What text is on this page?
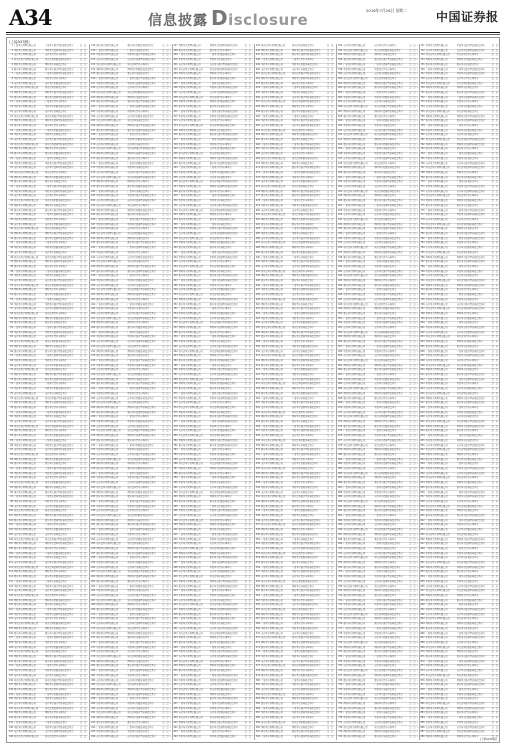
A34	信息披露 Disclosure
2016年7月26日 星期二 中国证券报
(上接A33版)
(下转A35版)
1 广发基金管理有限公司	广发基金混合型证券投资基金	是 是
2 华夏基金管理有限公司	华夏基金债券型证券投资基金	是 是
3 南方基金管理有限公司	南方基金货币市场基金	是 是
4 易方达基金管理有限公司	易方达基指数证券投资基金	是 是
5 博时基金管理有限公司	博时基金证券投资基金	是 是
6 嘉实基金管理有限公司	嘉实基金混合型证券投资基金	是 是
7 广发基金管理有限公司	广发基金债券型证券投资基金	是 是
8 华夏基金管理有限公司	华夏基金货币市场基金	是 是
9 南方基金管理有限公司	南方基金指数证券投资基金	是 是
10 易方达基金管理有限公司	易方达基证券投资基金	是 是
11 博时基金管理有限公司	博时基金混合型证券投资基金	是 是
12 嘉实基金管理有限公司	嘉实基金债券型证券投资基金	是 是
13 广发基金管理有限公司	广发基金货币市场基金	是 是
14 华夏基金管理有限公司	华夏基金指数证券投资基金	是 是
15 南方基金管理有限公司	南方基金证券投资基金	是 是
16 易方达基金管理有限公司	易方达基混合型证券投资基金	是 是
17 博时基金管理有限公司	博时基金债券型证券投资基金	是 是
18 嘉实基金管理有限公司	嘉实基金货币市场基金	是 是
19 广发基金管理有限公司	广发基金指数证券投资基金	是 是
20 华夏基金管理有限公司	华夏基金证券投资基金	是 是
21 南方基金管理有限公司	南方基金混合型证券投资基金	是 是
22 易方达基金管理有限公司	易方达基债券型证券投资基金	是 是
23 博时基金管理有限公司	博时基金货币市场基金	是 是
24 嘉实基金管理有限公司	嘉实基金指数证券投资基金	是 是
25 广发基金管理有限公司	广发基金证券投资基金	是 是
26 华夏基金管理有限公司	华夏基金混合型证券投资基金	是 是
27 南方基金管理有限公司	南方基金债券型证券投资基金	是 是
28 易方达基金管理有限公司	易方达基货币市场基金	是 是
29 博时基金管理有限公司	博时基金指数证券投资基金	是 是
30 嘉实基金管理有限公司	嘉实基金证券投资基金	是 是
31 广发基金管理有限公司	广发基金混合型证券投资基金	是 是
32 华夏基金管理有限公司	华夏基金债券型证券投资基金	是 是
33 南方基金管理有限公司	南方基金货币市场基金	是 是
34 易方达基金管理有限公司	易方达基指数证券投资基金	是 是
35 博时基金管理有限公司	博时基金证券投资基金	是 是
36 嘉实基金管理有限公司	嘉实基金混合型证券投资基金	是 是
37 广发基金管理有限公司	广发基金债券型证券投资基金	是 是
38 华夏基金管理有限公司	华夏基金货币市场基金	是 是
39 南方基金管理有限公司	南方基金指数证券投资基金	是 是
40 易方达基金管理有限公司	易方达基证券投资基金	是 是
41 博时基金管理有限公司	博时基金混合型证券投资基金	是 是
42 嘉实基金管理有限公司	嘉实基金债券型证券投资基金	是 是
43 广发基金管理有限公司	广发基金货币市场基金	是 是
44 华夏基金管理有限公司	华夏基金指数证券投资基金	是 是
45 南方基金管理有限公司	南方基金证券投资基金	是 是
46 易方达基金管理有限公司	易方达基混合型证券投资基金	是 是
47 博时基金管理有限公司	博时基金债券型证券投资基金	是 是
48 嘉实基金管理有限公司	嘉实基金货币市场基金	是 是
49 广发基金管理有限公司	广发基金指数证券投资基金	是 是
50 华夏基金管理有限公司	华夏基金证券投资基金	是 是
51 南方基金管理有限公司	南方基金混合型证券投资基金	是 是
52 易方达基金管理有限公司	易方达基债券型证券投资基金	是 是
53 博时基金管理有限公司	博时基金货币市场基金	是 是
54 嘉实基金管理有限公司	嘉实基金指数证券投资基金	是 是
55 广发基金管理有限公司	广发基金证券投资基金	是 是
56 华夏基金管理有限公司	华夏基金混合型证券投资基金	是 是
57 南方基金管理有限公司	南方基金债券型证券投资基金	是 是
58 易方达基金管理有限公司	易方达基货币市场基金	是 是
59 博时基金管理有限公司	博时基金指数证券投资基金	是 是
60 嘉实基金管理有限公司	嘉实基金证券投资基金	是 是
61 广发基金管理有限公司	广发基金混合型证券投资基金	是 是
62 华夏基金管理有限公司	华夏基金债券型证券投资基金	是 是
63 南方基金管理有限公司	南方基金货币市场基金	是 是
64 易方达基金管理有限公司	易方达基指数证券投资基金	是 是
65 博时基金管理有限公司	博时基金证券投资基金	是 是
66 嘉实基金管理有限公司	嘉实基金混合型证券投资基金	是 是
67 广发基金管理有限公司	广发基金债券型证券投资基金	是 是
68 华夏基金管理有限公司	华夏基金货币市场基金	是 是
69 南方基金管理有限公司	南方基金指数证券投资基金	是 是
70 易方达基金管理有限公司	易方达基证券投资基金	是 是
71 博时基金管理有限公司	博时基金混合型证券投资基金	是 是
72 嘉实基金管理有限公司	嘉实基金债券型证券投资基金	是 是
73 广发基金管理有限公司	广发基金货币市场基金	是 是
74 华夏基金管理有限公司	华夏基金指数证券投资基金	是 是
75 南方基金管理有限公司	南方基金证券投资基金	是 是
76 易方达基金管理有限公司	易方达基混合型证券投资基金	是 是
77 博时基金管理有限公司	博时基金债券型证券投资基金	是 是
78 嘉实基金管理有限公司	嘉实基金货币市场基金	是 是
79 广发基金管理有限公司	广发基金指数证券投资基金	是 是
80 华夏基金管理有限公司	华夏基金证券投资基金	是 是
81 南方基金管理有限公司	南方基金混合型证券投资基金	是 是
82 易方达基金管理有限公司	易方达基债券型证券投资基金	是 是
83 博时基金管理有限公司	博时基金货币市场基金	是 是
84 嘉实基金管理有限公司	嘉实基金指数证券投资基金	是 是
85 广发基金管理有限公司	广发基金证券投资基金	是 是
86 华夏基金管理有限公司	华夏基金混合型证券投资基金	是 是
87 南方基金管理有限公司	南方基金债券型证券投资基金	是 是
88 易方达基金管理有限公司	易方达基货币市场基金	是 是
89 博时基金管理有限公司	博时基金指数证券投资基金	是 是
90 嘉实基金管理有限公司	嘉实基金证券投资基金	是 是
91 广发基金管理有限公司	广发基金混合型证券投资基金	是 是
92 华夏基金管理有限公司	华夏基金债券型证券投资基金	是 是
93 南方基金管理有限公司	南方基金货币市场基金	是 是
94 易方达基金管理有限公司	易方达基指数证券投资基金	是 是
95 博时基金管理有限公司	博时基金证券投资基金	是 是
96 嘉实基金管理有限公司	嘉实基金混合型证券投资基金	是 是
97 广发基金管理有限公司	广发基金债券型证券投资基金	是 是
98 华夏基金管理有限公司	华夏基金货币市场基金	是 是
99 南方基金管理有限公司	南方基金指数证券投资基金	是 是
100 易方达基金管理有限公司	易方达基证券投资基金	是 是
101 博时基金管理有限公司	博时基金混合型证券投资基金	是 是
102 嘉实基金管理有限公司	嘉实基金债券型证券投资基金	是 是
103 广发基金管理有限公司	广发基金货币市场基金	是 是
104 华夏基金管理有限公司	华夏基金指数证券投资基金	是 是
105 南方基金管理有限公司	南方基金证券投资基金	是 是
106 易方达基金管理有限公司	易方达基混合型证券投资基金	是 是
107 博时基金管理有限公司	博时基金债券型证券投资基金	是 是
108 嘉实基金管理有限公司	嘉实基金货币市场基金	是 是
109 广发基金管理有限公司	广发基金指数证券投资基金	是 是
110 华夏基金管理有限公司	华夏基金证券投资基金	是 是
111 南方基金管理有限公司	南方基金混合型证券投资基金	是 是
112 易方达基金管理有限公司	易方达基债券型证券投资基金	是 是
113 博时基金管理有限公司	博时基金货币市场基金	是 是
114 嘉实基金管理有限公司	嘉实基金指数证券投资基金	是 是
115 广发基金管理有限公司	广发基金证券投资基金	是 是
116 华夏基金管理有限公司	华夏基金混合型证券投资基金	是 是
117 南方基金管理有限公司	南方基金债券型证券投资基金	是 是
118 易方达基金管理有限公司	易方达基货币市场基金	是 是
119 博时基金管理有限公司	博时基金指数证券投资基金	是 是
120 嘉实基金管理有限公司	嘉实基金证券投资基金	是 是
121 广发基金管理有限公司	广发基金混合型证券投资基金	是 是
122 华夏基金管理有限公司	华夏基金债券型证券投资基金	是 是
123 南方基金管理有限公司	南方基金货币市场基金	是 是
124 易方达基金管理有限公司	易方达基指数证券投资基金	是 是
125 博时基金管理有限公司	博时基金证券投资基金	是 是
126 嘉实基金管理有限公司	嘉实基金混合型证券投资基金	是 是
127 广发基金管理有限公司	广发基金债券型证券投资基金	是 是
128 华夏基金管理有限公司	华夏基金货币市场基金	是 是
129 南方基金管理有限公司	南方基金指数证券投资基金	是 是
130 易方达基金管理有限公司	易方达基证券投资基金	是 是
131 博时基金管理有限公司	博时基金混合型证券投资基金	是 是
132 嘉实基金管理有限公司	嘉实基金债券型证券投资基金	是 是
133 广发基金管理有限公司	广发基金货币市场基金	是 是
134 华夏基金管理有限公司	华夏基金指数证券投资基金	是 是
135 南方基金管理有限公司	南方基金证券投资基金	是 是
136 易方达基金管理有限公司	易方达基混合型证券投资基金	是 是
137 博时基金管理有限公司	博时基金债券型证券投资基金	是 是
138 嘉实基金管理有限公司	嘉实基金货币市场基金	是 是
139 广发基金管理有限公司	广发基金指数证券投资基金	是 是
140 华夏基金管理有限公司	华夏基金证券投资基金	是 是
141 南方基金管理有限公司	南方基金混合型证券投资基金	是 是
142 易方达基金管理有限公司	易方达基债券型证券投资基金	是 是
143 博时基金管理有限公司	博时基金货币市场基金	是 是
144 嘉实基金管理有限公司	嘉实基金指数证券投资基金	是 是
145 广发基金管理有限公司	广发基金证券投资基金	是 是
146 华夏基金管理有限公司	华夏基金混合型证券投资基金	是 是
147 南方基金管理有限公司	南方基金债券型证券投资基金	是 是
148 易方达基金管理有限公司	易方达基货币市场基金	是 是
149 嘉实基金管理有限公司	嘉实基金指数证券投资基金	是 是
150 广发基金管理有限公司	广发基金证券投资基金	是 是
151 华夏基金管理有限公司	华夏基金混合型证券投资基金	是 是
152 南方基金管理有限公司	南方基金债券型证券投资基金	是 是
153 易方达基金管理有限公司	易方达基货币市场基金	是 是
154 博时基金管理有限公司	博时基金指数证券投资基金	是 是
155 嘉实基金管理有限公司	嘉实基金证券投资基金	是 是
156 广发基金管理有限公司	广发基金混合型证券投资基金	是 是
157 华夏基金管理有限公司	华夏基金债券型证券投资基金	是 是
158 南方基金管理有限公司	南方基金货币市场基金	是 是
159 易方达基金管理有限公司	易方达基指数证券投资基金	是 是
160 博时基金管理有限公司	博时基金证券投资基金	是 是
161 嘉实基金管理有限公司	嘉实基金混合型证券投资基金	是 是
162 广发基金管理有限公司	广发基金债券型证券投资基金	是 是
163 华夏基金管理有限公司	华夏基金货币市场基金	是 是
164 南方基金管理有限公司	南方基金指数证券投资基金	是 是
165 易方达基金管理有限公司	易方达基证券投资基金	是 是
166 博时基金管理有限公司	博时基金混合型证券投资基金	是 是
167 嘉实基金管理有限公司	嘉实基金债券型证券投资基金	是 是
168 广发基金管理有限公司	广发基金货币市场基金	是 是
169 华夏基金管理有限公司	华夏基金指数证券投资基金	是 是
170 南方基金管理有限公司	南方基金证券投资基金	是 是
171 易方达基金管理有限公司	易方达基混合型证券投资基金	是 是
172 博时基金管理有限公司	博时基金债券型证券投资基金	是 是
173 嘉实基金管理有限公司	嘉实基金货币市场基金	是 是
174 广发基金管理有限公司	广发基金指数证券投资基金	是 是
175 华夏基金管理有限公司	华夏基金证券投资基金	是 是
176 南方基金管理有限公司	南方基金混合型证券投资基金	是 是
177 易方达基金管理有限公司	易方达基债券型证券投资基金	是 是
178 博时基金管理有限公司	博时基金货币市场基金	是 是
179 嘉实基金管理有限公司	嘉实基金指数证券投资基金	是 是
180 广发基金管理有限公司	广发基金证券投资基金	是 是
181 华夏基金管理有限公司	华夏基金混合型证券投资基金	是 是
182 南方基金管理有限公司	南方基金债券型证券投资基金	是 是
183 易方达基金管理有限公司	易方达基货币市场基金	是 是
184 博时基金管理有限公司	博时基金指数证券投资基金	是 是
185 嘉实基金管理有限公司	嘉实基金证券投资基金	是 是
186 广发基金管理有限公司	广发基金混合型证券投资基金	是 是
187 华夏基金管理有限公司	华夏基金债券型证券投资基金	是 是
188 南方基金管理有限公司	南方基金货币市场基金	是 是
189 易方达基金管理有限公司	易方达基指数证券投资基金	是 是
190 博时基金管理有限公司	博时基金证券投资基金	是 是
191 嘉实基金管理有限公司	嘉实基金混合型证券投资基金	是 是
192 广发基金管理有限公司	广发基金债券型证券投资基金	是 是
193 华夏基金管理有限公司	华夏基金货币市场基金	是 是
194 南方基金管理有限公司	南方基金指数证券投资基金	是 是
195 易方达基金管理有限公司	易方达基证券投资基金	是 是
196 博时基金管理有限公司	博时基金混合型证券投资基金	是 是
197 嘉实基金管理有限公司	嘉实基金债券型证券投资基金	是 是
198 广发基金管理有限公司	广发基金货币市场基金	是 是
199 华夏基金管理有限公司	华夏基金指数证券投资基金	是 是
200 南方基金管理有限公司	南方基金证券投资基金	是 是
201 易方达基金管理有限公司	易方达基混合型证券投资基金	是 是
202 博时基金管理有限公司	博时基金债券型证券投资基金	是 是
203 嘉实基金管理有限公司	嘉实基金货币市场基金	是 是
204 广发基金管理有限公司	广发基金指数证券投资基金	是 是
205 华夏基金管理有限公司	华夏基金证券投资基金	是 是
206 南方基金管理有限公司	南方基金混合型证券投资基金	是 是
207 易方达基金管理有限公司	易方达基债券型证券投资基金	是 是
208 博时基金管理有限公司	博时基金货币市场基金	是 是
209 嘉实基金管理有限公司	嘉实基金指数证券投资基金	是 是
210 广发基金管理有限公司	广发基金证券投资基金	是 是
211 华夏基金管理有限公司	华夏基金混合型证券投资基金	是 是
212 南方基金管理有限公司	南方基金债券型证券投资基金	是 是
213 易方达基金管理有限公司	易方达基货币市场基金	是 是
214 博时基金管理有限公司	博时基金指数证券投资基金	是 是
215 嘉实基金管理有限公司	嘉实基金证券投资基金	是 是
216 广发基金管理有限公司	广发基金混合型证券投资基金	是 是
217 华夏基金管理有限公司	华夏基金债券型证券投资基金	是 是
218 南方基金管理有限公司	南方基金货币市场基金	是 是
219 易方达基金管理有限公司	易方达基指数证券投资基金	是 是
220 博时基金管理有限公司	博时基金证券投资基金	是 是
221 嘉实基金管理有限公司	嘉实基金混合型证券投资基金	是 是
222 广发基金管理有限公司	广发基金债券型证券投资基金	是 是
223 华夏基金管理有限公司	华夏基金货币市场基金	是 是
224 南方基金管理有限公司	南方基金指数证券投资基金	是 是
225 易方达基金管理有限公司	易方达基证券投资基金	是 是
226 博时基金管理有限公司	博时基金混合型证券投资基金	是 是
227 嘉实基金管理有限公司	嘉实基金债券型证券投资基金	是 是
228 广发基金管理有限公司	广发基金货币市场基金	是 是
229 华夏基金管理有限公司	华夏基金指数证券投资基金	是 是
230 南方基金管理有限公司	南方基金证券投资基金	是 是
231 易方达基金管理有限公司	易方达基混合型证券投资基金	是 是
232 博时基金管理有限公司	博时基金债券型证券投资基金	是 是
233 嘉实基金管理有限公司	嘉实基金货币市场基金	是 是
234 广发基金管理有限公司	广发基金指数证券投资基金	是 是
235 华夏基金管理有限公司	华夏基金证券投资基金	是 是
236 南方基金管理有限公司	南方基金混合型证券投资基金	是 是
237 易方达基金管理有限公司	易方达基债券型证券投资基金	是 是
238 博时基金管理有限公司	博时基金货币市场基金	是 是
239 嘉实基金管理有限公司	嘉实基金指数证券投资基金	是 是
240 广发基金管理有限公司	广发基金证券投资基金	是 是
241 华夏基金管理有限公司	华夏基金混合型证券投资基金	是 是
242 南方基金管理有限公司	南方基金债券型证券投资基金	是 是
243 易方达基金管理有限公司	易方达基货币市场基金	是 是
244 博时基金管理有限公司	博时基金指数证券投资基金	是 是
245 嘉实基金管理有限公司	嘉实基金证券投资基金	是 是
246 广发基金管理有限公司	广发基金混合型证券投资基金	是 是
247 华夏基金管理有限公司	华夏基金债券型证券投资基金	是 是
248 南方基金管理有限公司	南方基金货币市场基金	是 是
249 易方达基金管理有限公司	易方达基指数证券投资基金	是 是
250 博时基金管理有限公司	博时基金证券投资基金	是 是
251 嘉实基金管理有限公司	嘉实基金混合型证券投资基金	是 是
252 广发基金管理有限公司	广发基金债券型证券投资基金	是 是
253 华夏基金管理有限公司	华夏基金货币市场基金	是 是
254 南方基金管理有限公司	南方基金指数证券投资基金	是 是
255 易方达基金管理有限公司	易方达基证券投资基金	是 是
256 博时基金管理有限公司	博时基金混合型证券投资基金	是 是
257 嘉实基金管理有限公司	嘉实基金债券型证券投资基金	是 是
258 广发基金管理有限公司	广发基金货币市场基金	是 是
259 华夏基金管理有限公司	华夏基金指数证券投资基金	是 是
260 南方基金管理有限公司	南方基金证券投资基金	是 是
261 易方达基金管理有限公司	易方达基混合型证券投资基金	是 是
262 博时基金管理有限公司	博时基金债券型证券投资基金	是 是
263 嘉实基金管理有限公司	嘉实基金货币市场基金	是 是
264 广发基金管理有限公司	广发基金指数证券投资基金	是 是
265 华夏基金管理有限公司	华夏基金证券投资基金	是 是
266 南方基金管理有限公司	南方基金混合型证券投资基金	是 是
267 易方达基金管理有限公司	易方达基债券型证券投资基金	是 是
268 博时基金管理有限公司	博时基金货币市场基金	是 是
269 嘉实基金管理有限公司	嘉实基金指数证券投资基金	是 是
270 广发基金管理有限公司	广发基金证券投资基金	是 是
271 华夏基金管理有限公司	华夏基金混合型证券投资基金	是 是
272 南方基金管理有限公司	南方基金债券型证券投资基金	是 是
273 易方达基金管理有限公司	易方达基货币市场基金	是 是
274 博时基金管理有限公司	博时基金指数证券投资基金	是 是
275 嘉实基金管理有限公司	嘉实基金证券投资基金	是 是
276 广发基金管理有限公司	广发基金混合型证券投资基金	是 是
277 华夏基金管理有限公司	华夏基金债券型证券投资基金	是 是
278 南方基金管理有限公司	南方基金货币市场基金	是 是
279 易方达基金管理有限公司	易方达基指数证券投资基金	是 是
280 博时基金管理有限公司	博时基金证券投资基金	是 是
281 嘉实基金管理有限公司	嘉实基金混合型证券投资基金	是 是
282 广发基金管理有限公司	广发基金债券型证券投资基金	是 是
283 华夏基金管理有限公司	华夏基金货币市场基金	是 是
284 南方基金管理有限公司	南方基金指数证券投资基金	是 是
285 易方达基金管理有限公司	易方达基证券投资基金	是 是
286 博时基金管理有限公司	博时基金混合型证券投资基金	是 是
287 嘉实基金管理有限公司	嘉实基金债券型证券投资基金	是 是
288 广发基金管理有限公司	广发基金货币市场基金	是 是
289 华夏基金管理有限公司	华夏基金指数证券投资基金	是 是
290 南方基金管理有限公司	南方基金证券投资基金	是 是
291 易方达基金管理有限公司	易方达基混合型证券投资基金	是 是
292 博时基金管理有限公司	博时基金债券型证券投资基金	是 是
293 嘉实基金管理有限公司	嘉实基金货币市场基金	是 是
294 广发基金管理有限公司	广发基金指数证券投资基金	是 是
295 华夏基金管理有限公司	华夏基金证券投资基金	是 是
296 南方基金管理有限公司	南方基金混合型证券投资基金	是 是
297 博时基金管理有限公司	博时基金债券型证券投资基金	是 是
298 嘉实基金管理有限公司	嘉实基金货币市场基金	是 是
299 广发基金管理有限公司	广发基金指数证券投资基金	是 是
300 华夏基金管理有限公司	华夏基金证券投资基金	是 是
301 南方基金管理有限公司	南方基金混合型证券投资基金	是 是
302 易方达基金管理有限公司	易方达基债券型证券投资基金	是 是
303 博时基金管理有限公司	博时基金货币市场基金	是 是
304 嘉实基金管理有限公司	嘉实基金指数证券投资基金	是 是
305 广发基金管理有限公司	广发基金证券投资基金	是 是
306 华夏基金管理有限公司	华夏基金混合型证券投资基金	是 是
307 南方基金管理有限公司	南方基金债券型证券投资基金	是 是
308 易方达基金管理有限公司	易方达基货币市场基金	是 是
309 博时基金管理有限公司	博时基金指数证券投资基金	是 是
310 嘉实基金管理有限公司	嘉实基金证券投资基金	是 是
311 广发基金管理有限公司	广发基金混合型证券投资基金	是 是
312 华夏基金管理有限公司	华夏基金债券型证券投资基金	是 是
313 南方基金管理有限公司	南方基金货币市场基金	是 是
314 易方达基金管理有限公司	易方达基指数证券投资基金	是 是
315 博时基金管理有限公司	博时基金证券投资基金	是 是
316 嘉实基金管理有限公司	嘉实基金混合型证券投资基金	是 是
317 广发基金管理有限公司	广发基金债券型证券投资基金	是 是
318 华夏基金管理有限公司	华夏基金货币市场基金	是 是
319 南方基金管理有限公司	南方基金指数证券投资基金	是 是
320 易方达基金管理有限公司	易方达基证券投资基金	是 是
321 博时基金管理有限公司	博时基金混合型证券投资基金	是 是
322 嘉实基金管理有限公司	嘉实基金债券型证券投资基金	是 是
323 广发基金管理有限公司	广发基金货币市场基金	是 是
324 华夏基金管理有限公司	华夏基金指数证券投资基金	是 是
325 南方基金管理有限公司	南方基金证券投资基金	是 是
326 易方达基金管理有限公司	易方达基混合型证券投资基金	是 是
327 博时基金管理有限公司	博时基金债券型证券投资基金	是 是
328 嘉实基金管理有限公司	嘉实基金货币市场基金	是 是
329 广发基金管理有限公司	广发基金指数证券投资基金	是 是
330 华夏基金管理有限公司	华夏基金证券投资基金	是 是
331 南方基金管理有限公司	南方基金混合型证券投资基金	是 是
332 易方达基金管理有限公司	易方达基债券型证券投资基金	是 是
333 博时基金管理有限公司	博时基金货币市场基金	是 是
334 嘉实基金管理有限公司	嘉实基金指数证券投资基金	是 是
335 广发基金管理有限公司	广发基金证券投资基金	是 是
336 华夏基金管理有限公司	华夏基金混合型证券投资基金	是 是
337 南方基金管理有限公司	南方基金债券型证券投资基金	是 是
338 易方达基金管理有限公司	易方达基货币市场基金	是 是
339 博时基金管理有限公司	博时基金指数证券投资基金	是 是
340 嘉实基金管理有限公司	嘉实基金证券投资基金	是 是
341 广发基金管理有限公司	广发基金混合型证券投资基金	是 是
342 华夏基金管理有限公司	华夏基金债券型证券投资基金	是 是
343 南方基金管理有限公司	南方基金货币市场基金	是 是
344 易方达基金管理有限公司	易方达基指数证券投资基金	是 是
345 博时基金管理有限公司	博时基金证券投资基金	是 是
346 嘉实基金管理有限公司	嘉实基金混合型证券投资基金	是 是
347 广发基金管理有限公司	广发基金债券型证券投资基金	是 是
348 华夏基金管理有限公司	华夏基金货币市场基金	是 是
349 南方基金管理有限公司	南方基金指数证券投资基金	是 是
350 易方达基金管理有限公司	易方达基证券投资基金	是 是
351 博时基金管理有限公司	博时基金混合型证券投资基金	是 是
352 嘉实基金管理有限公司	嘉实基金债券型证券投资基金	是 是
353 广发基金管理有限公司	广发基金货币市场基金	是 是
354 华夏基金管理有限公司	华夏基金指数证券投资基金	是 是
355 南方基金管理有限公司	南方基金证券投资基金	是 是
356 易方达基金管理有限公司	易方达基混合型证券投资基金	是 是
357 博时基金管理有限公司	博时基金债券型证券投资基金	是 是
358 嘉实基金管理有限公司	嘉实基金货币市场基金	是 是
359 广发基金管理有限公司	广发基金指数证券投资基金	是 是
360 华夏基金管理有限公司	华夏基金证券投资基金	是 是
361 南方基金管理有限公司	南方基金混合型证券投资基金	是 是
362 易方达基金管理有限公司	易方达基债券型证券投资基金	是 是
363 博时基金管理有限公司	博时基金货币市场基金	是 是
364 嘉实基金管理有限公司	嘉实基金指数证券投资基金	是 是
365 广发基金管理有限公司	广发基金证券投资基金	是 是
366 华夏基金管理有限公司	华夏基金混合型证券投资基金	是 是
367 南方基金管理有限公司	南方基金债券型证券投资基金	是 是
368 易方达基金管理有限公司	易方达基货币市场基金	是 是
369 博时基金管理有限公司	博时基金指数证券投资基金	是 是
370 嘉实基金管理有限公司	嘉实基金证券投资基金	是 是
371 广发基金管理有限公司	广发基金混合型证券投资基金	是 是
372 华夏基金管理有限公司	华夏基金债券型证券投资基金	是 是
373 南方基金管理有限公司	南方基金货币市场基金	是 是
374 易方达基金管理有限公司	易方达基指数证券投资基金	是 是
375 博时基金管理有限公司	博时基金证券投资基金	是 是
376 嘉实基金管理有限公司	嘉实基金混合型证券投资基金	是 是
377 广发基金管理有限公司	广发基金债券型证券投资基金	是 是
378 华夏基金管理有限公司	华夏基金货币市场基金	是 是
379 南方基金管理有限公司	南方基金指数证券投资基金	是 是
380 易方达基金管理有限公司	易方达基证券投资基金	是 是
381 博时基金管理有限公司	博时基金混合型证券投资基金	是 是
382 嘉实基金管理有限公司	嘉实基金债券型证券投资基金	是 是
383 广发基金管理有限公司	广发基金货币市场基金	是 是
384 华夏基金管理有限公司	华夏基金指数证券投资基金	是 是
385 南方基金管理有限公司	南方基金证券投资基金	是 是
386 易方达基金管理有限公司	易方达基混合型证券投资基金	是 是
387 博时基金管理有限公司	博时基金债券型证券投资基金	是 是
388 嘉实基金管理有限公司	嘉实基金货币市场基金	是 是
389 广发基金管理有限公司	广发基金指数证券投资基金	是 是
390 华夏基金管理有限公司	华夏基金证券投资基金	是 是
391 南方基金管理有限公司	南方基金混合型证券投资基金	是 是
392 易方达基金管理有限公司	易方达基债券型证券投资基金	是 是
393 博时基金管理有限公司	博时基金货币市场基金	是 是
394 嘉实基金管理有限公司	嘉实基金指数证券投资基金	是 是
395 广发基金管理有限公司	广发基金证券投资基金	是 是
396 华夏基金管理有限公司	华夏基金混合型证券投资基金	是 是
397 南方基金管理有限公司	南方基金债券型证券投资基金	是 是
398 易方达基金管理有限公司	易方达基货币市场基金	是 是
399 博时基金管理有限公司	博时基金指数证券投资基金	是 是
400 嘉实基金管理有限公司	嘉实基金证券投资基金	是 是
401 广发基金管理有限公司	广发基金混合型证券投资基金	是 是
402 华夏基金管理有限公司	华夏基金债券型证券投资基金	是 是
403 南方基金管理有限公司	南方基金货币市场基金	是 是
404 易方达基金管理有限公司	易方达基指数证券投资基金	是 是
405 博时基金管理有限公司	博时基金证券投资基金	是 是
406 嘉实基金管理有限公司	嘉实基金混合型证券投资基金	是 是
407 广发基金管理有限公司	广发基金债券型证券投资基金	是 是
408 华夏基金管理有限公司	华夏基金货币市场基金	是 是
409 南方基金管理有限公司	南方基金指数证券投资基金	是 是
410 易方达基金管理有限公司	易方达基证券投资基金	是 是
411 博时基金管理有限公司	博时基金混合型证券投资基金	是 是
412 嘉实基金管理有限公司	嘉实基金债券型证券投资基金	是 是
413 广发基金管理有限公司	广发基金货币市场基金	是 是
414 华夏基金管理有限公司	华夏基金指数证券投资基金	是 是
415 南方基金管理有限公司	南方基金证券投资基金	是 是
416 易方达基金管理有限公司	易方达基混合型证券投资基金	是 是
417 博时基金管理有限公司	博时基金债券型证券投资基金	是 是
418 嘉实基金管理有限公司	嘉实基金货币市场基金	是 是
419 广发基金管理有限公司	广发基金指数证券投资基金	是 是
420 华夏基金管理有限公司	华夏基金证券投资基金	是 是
421 南方基金管理有限公司	南方基金混合型证券投资基金	是 是
422 易方达基金管理有限公司	易方达基债券型证券投资基金	是 是
423 博时基金管理有限公司	博时基金货币市场基金	是 是
424 嘉实基金管理有限公司	嘉实基金指数证券投资基金	是 是
425 广发基金管理有限公司	广发基金证券投资基金	是 是
426 华夏基金管理有限公司	华夏基金混合型证券投资基金	是 是
427 南方基金管理有限公司	南方基金债券型证券投资基金	是 是
428 易方达基金管理有限公司	易方达基货币市场基金	是 是
429 博时基金管理有限公司	博时基金指数证券投资基金	是 是
430 嘉实基金管理有限公司	嘉实基金证券投资基金	是 是
431 广发基金管理有限公司	广发基金混合型证券投资基金	是 是
432 华夏基金管理有限公司	华夏基金债券型证券投资基金	是 是
433 南方基金管理有限公司	南方基金货币市场基金	是 是
434 易方达基金管理有限公司	易方达基指数证券投资基金	是 是
435 博时基金管理有限公司	博时基金证券投资基金	是 是
436 嘉实基金管理有限公司	嘉实基金混合型证券投资基金	是 是
437 广发基金管理有限公司	广发基金债券型证券投资基金	是 是
438 华夏基金管理有限公司	华夏基金货币市场基金	是 是
439 南方基金管理有限公司	南方基金指数证券投资基金	是 是
440 易方达基金管理有限公司	易方达基证券投资基金	是 是
441 博时基金管理有限公司	博时基金混合型证券投资基金	是 是
442 嘉实基金管理有限公司	嘉实基金债券型证券投资基金	是 是
443 广发基金管理有限公司	广发基金货币市场基金	是 是
444 华夏基金管理有限公司	华夏基金指数证券投资基金	是 是
445 易方达基金管理有限公司	易方达基证券投资基金	是 是
446 博时基金管理有限公司	博时基金混合型证券投资基金	是 是
447 嘉实基金管理有限公司	嘉实基金债券型证券投资基金	是 是
448 广发基金管理有限公司	广发基金货币市场基金	是 是
449 华夏基金管理有限公司	华夏基金指数证券投资基金	是 是
450 南方基金管理有限公司	南方基金证券投资基金	是 是
451 易方达基金管理有限公司	易方达基混合型证券投资基金	是 是
452 博时基金管理有限公司	博时基金债券型证券投资基金	是 是
453 嘉实基金管理有限公司	嘉实基金货币市场基金	是 是
454 广发基金管理有限公司	广发基金指数证券投资基金	是 是
455 华夏基金管理有限公司	华夏基金证券投资基金	是 是
456 南方基金管理有限公司	南方基金混合型证券投资基金	是 是
457 易方达基金管理有限公司	易方达基债券型证券投资基金	是 是
458 博时基金管理有限公司	博时基金货币市场基金	是 是
459 嘉实基金管理有限公司	嘉实基金指数证券投资基金	是 是
460 广发基金管理有限公司	广发基金证券投资基金	是 是
461 华夏基金管理有限公司	华夏基金混合型证券投资基金	是 是
462 南方基金管理有限公司	南方基金债券型证券投资基金	是 是
463 易方达基金管理有限公司	易方达基货币市场基金	是 是
464 博时基金管理有限公司	博时基金指数证券投资基金	是 是
465 嘉实基金管理有限公司	嘉实基金证券投资基金	是 是
466 广发基金管理有限公司	广发基金混合型证券投资基金	是 是
467 华夏基金管理有限公司	华夏基金债券型证券投资基金	是 是
468 南方基金管理有限公司	南方基金货币市场基金	是 是
469 易方达基金管理有限公司	易方达基指数证券投资基金	是 是
470 博时基金管理有限公司	博时基金证券投资基金	是 是
471 嘉实基金管理有限公司	嘉实基金混合型证券投资基金	是 是
472 广发基金管理有限公司	广发基金债券型证券投资基金	是 是
473 华夏基金管理有限公司	华夏基金货币市场基金	是 是
474 南方基金管理有限公司	南方基金指数证券投资基金	是 是
475 易方达基金管理有限公司	易方达基证券投资基金	是 是
476 博时基金管理有限公司	博时基金混合型证券投资基金	是 是
477 嘉实基金管理有限公司	嘉实基金债券型证券投资基金	是 是
478 广发基金管理有限公司	广发基金货币市场基金	是 是
479 华夏基金管理有限公司	华夏基金指数证券投资基金	是 是
480 南方基金管理有限公司	南方基金证券投资基金	是 是
481 易方达基金管理有限公司	易方达基混合型证券投资基金	是 是
482 博时基金管理有限公司	博时基金债券型证券投资基金	是 是
483 嘉实基金管理有限公司	嘉实基金货币市场基金	是 是
484 广发基金管理有限公司	广发基金指数证券投资基金	是 是
485 华夏基金管理有限公司	华夏基金证券投资基金	是 是
486 南方基金管理有限公司	南方基金混合型证券投资基金	是 是
487 易方达基金管理有限公司	易方达基债券型证券投资基金	是 是
488 博时基金管理有限公司	博时基金货币市场基金	是 是
489 嘉实基金管理有限公司	嘉实基金指数证券投资基金	是 是
490 广发基金管理有限公司	广发基金证券投资基金	是 是
491 华夏基金管理有限公司	华夏基金混合型证券投资基金	是 是
492 南方基金管理有限公司	南方基金债券型证券投资基金	是 是
493 易方达基金管理有限公司	易方达基货币市场基金	是 是
494 博时基金管理有限公司	博时基金指数证券投资基金	是 是
495 嘉实基金管理有限公司	嘉实基金证券投资基金	是 是
496 广发基金管理有限公司	广发基金混合型证券投资基金	是 是
497 华夏基金管理有限公司	华夏基金债券型证券投资基金	是 是
498 南方基金管理有限公司	南方基金货币市场基金	是 是
499 易方达基金管理有限公司	易方达基指数证券投资基金	是 是
500 博时基金管理有限公司	博时基金证券投资基金	是 是
501 嘉实基金管理有限公司	嘉实基金混合型证券投资基金	是 是
502 广发基金管理有限公司	广发基金债券型证券投资基金	是 是
503 华夏基金管理有限公司	华夏基金货币市场基金	是 是
504 南方基金管理有限公司	南方基金指数证券投资基金	是 是
505 易方达基金管理有限公司	易方达基证券投资基金	是 是
506 博时基金管理有限公司	博时基金混合型证券投资基金	是 是
507 嘉实基金管理有限公司	嘉实基金债券型证券投资基金	是 是
508 广发基金管理有限公司	广发基金货币市场基金	是 是
509 华夏基金管理有限公司	华夏基金指数证券投资基金	是 是
510 南方基金管理有限公司	南方基金证券投资基金	是 是
511 易方达基金管理有限公司	易方达基混合型证券投资基金	是 是
512 博时基金管理有限公司	博时基金债券型证券投资基金	是 是
513 嘉实基金管理有限公司	嘉实基金货币市场基金	是 是
514 广发基金管理有限公司	广发基金指数证券投资基金	是 是
515 华夏基金管理有限公司	华夏基金证券投资基金	是 是
516 南方基金管理有限公司	南方基金混合型证券投资基金	是 是
517 易方达基金管理有限公司	易方达基债券型证券投资基金	是 是
518 博时基金管理有限公司	博时基金货币市场基金	是 是
519 嘉实基金管理有限公司	嘉实基金指数证券投资基金	是 是
520 广发基金管理有限公司	广发基金证券投资基金	是 是
521 华夏基金管理有限公司	华夏基金混合型证券投资基金	是 是
522 南方基金管理有限公司	南方基金债券型证券投资基金	是 是
523 易方达基金管理有限公司	易方达基货币市场基金	是 是
524 博时基金管理有限公司	博时基金指数证券投资基金	是 是
525 嘉实基金管理有限公司	嘉实基金证券投资基金	是 是
526 广发基金管理有限公司	广发基金混合型证券投资基金	是 是
527 华夏基金管理有限公司	华夏基金债券型证券投资基金	是 是
528 南方基金管理有限公司	南方基金货币市场基金	是 是
529 易方达基金管理有限公司	易方达基指数证券投资基金	是 是
530 博时基金管理有限公司	博时基金证券投资基金	是 是
531 嘉实基金管理有限公司	嘉实基金混合型证券投资基金	是 是
532 广发基金管理有限公司	广发基金债券型证券投资基金	是 是
533 华夏基金管理有限公司	华夏基金货币市场基金	是 是
534 南方基金管理有限公司	南方基金指数证券投资基金	是 是
535 易方达基金管理有限公司	易方达基证券投资基金	是 是
536 博时基金管理有限公司	博时基金混合型证券投资基金	是 是
537 嘉实基金管理有限公司	嘉实基金债券型证券投资基金	是 是
538 广发基金管理有限公司	广发基金货币市场基金	是 是
539 华夏基金管理有限公司	华夏基金指数证券投资基金	是 是
540 南方基金管理有限公司	南方基金证券投资基金	是 是
541 易方达基金管理有限公司	易方达基混合型证券投资基金	是 是
542 博时基金管理有限公司	博时基金债券型证券投资基金	是 是
543 嘉实基金管理有限公司	嘉实基金货币市场基金	是 是
544 广发基金管理有限公司	广发基金指数证券投资基金	是 是
545 华夏基金管理有限公司	华夏基金证券投资基金	是 是
546 南方基金管理有限公司	南方基金混合型证券投资基金	是 是
547 易方达基金管理有限公司	易方达基债券型证券投资基金	是 是
548 博时基金管理有限公司	博时基金货币市场基金	是 是
549 嘉实基金管理有限公司	嘉实基金指数证券投资基金	是 是
550 广发基金管理有限公司	广发基金证券投资基金	是 是
551 华夏基金管理有限公司	华夏基金混合型证券投资基金	是 是
552 南方基金管理有限公司	南方基金债券型证券投资基金	是 是
553 易方达基金管理有限公司	易方达基货币市场基金	是 是
554 博时基金管理有限公司	博时基金指数证券投资基金	是 是
555 嘉实基金管理有限公司	嘉实基金证券投资基金	是 是
556 广发基金管理有限公司	广发基金混合型证券投资基金	是 是
557 华夏基金管理有限公司	华夏基金债券型证券投资基金	是 是
558 南方基金管理有限公司	南方基金货币市场基金	是 是
559 易方达基金管理有限公司	易方达基指数证券投资基金	是 是
560 博时基金管理有限公司	博时基金证券投资基金	是 是
561 嘉实基金管理有限公司	嘉实基金混合型证券投资基金	是 是
562 广发基金管理有限公司	广发基金债券型证券投资基金	是 是
563 华夏基金管理有限公司	华夏基金货币市场基金	是 是
564 南方基金管理有限公司	南方基金指数证券投资基金	是 是
565 易方达基金管理有限公司	易方达基证券投资基金	是 是
566 博时基金管理有限公司	博时基金混合型证券投资基金	是 是
567 嘉实基金管理有限公司	嘉实基金债券型证券投资基金	是 是
568 广发基金管理有限公司	广发基金货币市场基金	是 是
569 华夏基金管理有限公司	华夏基金指数证券投资基金	是 是
570 南方基金管理有限公司	南方基金证券投资基金	是 是
571 易方达基金管理有限公司	易方达基混合型证券投资基金	是 是
572 博时基金管理有限公司	博时基金债券型证券投资基金	是 是
573 嘉实基金管理有限公司	嘉实基金货币市场基金	是 是
574 广发基金管理有限公司	广发基金指数证券投资基金	是 是
575 华夏基金管理有限公司	华夏基金证券投资基金	是 是
576 南方基金管理有限公司	南方基金混合型证券投资基金	是 是
577 易方达基金管理有限公司	易方达基债券型证券投资基金	是 是
578 博时基金管理有限公司	博时基金货币市场基金	是 是
579 嘉实基金管理有限公司	嘉实基金指数证券投资基金	是 是
580 广发基金管理有限公司	广发基金证券投资基金	是 是
581 华夏基金管理有限公司	华夏基金混合型证券投资基金	是 是
582 南方基金管理有限公司	南方基金债券型证券投资基金	是 是
583 易方达基金管理有限公司	易方达基货币市场基金	是 是
584 博时基金管理有限公司	博时基金指数证券投资基金	是 是
585 嘉实基金管理有限公司	嘉实基金证券投资基金	是 是
586 广发基金管理有限公司	广发基金混合型证券投资基金	是 是
587 华夏基金管理有限公司	华夏基金债券型证券投资基金	是 是
588 南方基金管理有限公司	南方基金货币市场基金	是 是
589 易方达基金管理有限公司	易方达基指数证券投资基金	是 是
590 博时基金管理有限公司	博时基金证券投资基金	是 是
591 嘉实基金管理有限公司	嘉实基金混合型证券投资基金	是 是
592 广发基金管理有限公司	广发基金债券型证券投资基金	是 是
593 南方基金管理有限公司	南方基金货币市场基金	是 是
594 易方达基金管理有限公司	易方达基指数证券投资基金	是 是
595 博时基金管理有限公司	博时基金证券投资基金	是 是
596 嘉实基金管理有限公司	嘉实基金混合型证券投资基金	是 是
597 广发基金管理有限公司	广发基金债券型证券投资基金	是 是
598 华夏基金管理有限公司	华夏基金货币市场基金	是 是
599 南方基金管理有限公司	南方基金指数证券投资基金	是 是
600 易方达基金管理有限公司	易方达基证券投资基金	是 是
601 博时基金管理有限公司	博时基金混合型证券投资基金	是 是
602 嘉实基金管理有限公司	嘉实基金债券型证券投资基金	是 是
603 广发基金管理有限公司	广发基金货币市场基金	是 是
604 华夏基金管理有限公司	华夏基金指数证券投资基金	是 是
605 南方基金管理有限公司	南方基金证券投资基金	是 是
606 易方达基金管理有限公司	易方达基混合型证券投资基金	是 是
607 博时基金管理有限公司	博时基金债券型证券投资基金	是 是
608 嘉实基金管理有限公司	嘉实基金货币市场基金	是 是
609 广发基金管理有限公司	广发基金指数证券投资基金	是 是
610 华夏基金管理有限公司	华夏基金证券投资基金	是 是
611 南方基金管理有限公司	南方基金混合型证券投资基金	是 是
612 易方达基金管理有限公司	易方达基债券型证券投资基金	是 是
613 博时基金管理有限公司	博时基金货币市场基金	是 是
614 嘉实基金管理有限公司	嘉实基金指数证券投资基金	是 是
615 广发基金管理有限公司	广发基金证券投资基金	是 是
616 华夏基金管理有限公司	华夏基金混合型证券投资基金	是 是
617 南方基金管理有限公司	南方基金债券型证券投资基金	是 是
618 易方达基金管理有限公司	易方达基货币市场基金	是 是
619 博时基金管理有限公司	博时基金指数证券投资基金	是 是
620 嘉实基金管理有限公司	嘉实基金证券投资基金	是 是
621 广发基金管理有限公司	广发基金混合型证券投资基金	是 是
622 华夏基金管理有限公司	华夏基金债券型证券投资基金	是 是
623 南方基金管理有限公司	南方基金货币市场基金	是 是
624 易方达基金管理有限公司	易方达基指数证券投资基金	是 是
625 博时基金管理有限公司	博时基金证券投资基金	是 是
626 嘉实基金管理有限公司	嘉实基金混合型证券投资基金	是 是
627 广发基金管理有限公司	广发基金债券型证券投资基金	是 是
628 华夏基金管理有限公司	华夏基金货币市场基金	是 是
629 南方基金管理有限公司	南方基金指数证券投资基金	是 是
630 易方达基金管理有限公司	易方达基证券投资基金	是 是
631 博时基金管理有限公司	博时基金混合型证券投资基金	是 是
632 嘉实基金管理有限公司	嘉实基金债券型证券投资基金	是 是
633 广发基金管理有限公司	广发基金货币市场基金	是 是
634 华夏基金管理有限公司	华夏基金指数证券投资基金	是 是
635 南方基金管理有限公司	南方基金证券投资基金	是 是
636 易方达基金管理有限公司	易方达基混合型证券投资基金	是 是
637 博时基金管理有限公司	博时基金债券型证券投资基金	是 是
638 嘉实基金管理有限公司	嘉实基金货币市场基金	是 是
639 广发基金管理有限公司	广发基金指数证券投资基金	是 是
640 华夏基金管理有限公司	华夏基金证券投资基金	是 是
641 南方基金管理有限公司	南方基金混合型证券投资基金	是 是
642 易方达基金管理有限公司	易方达基债券型证券投资基金	是 是
643 博时基金管理有限公司	博时基金货币市场基金	是 是
644 嘉实基金管理有限公司	嘉实基金指数证券投资基金	是 是
645 广发基金管理有限公司	广发基金证券投资基金	是 是
646 华夏基金管理有限公司	华夏基金混合型证券投资基金	是 是
647 南方基金管理有限公司	南方基金债券型证券投资基金	是 是
648 易方达基金管理有限公司	易方达基货币市场基金	是 是
649 博时基金管理有限公司	博时基金指数证券投资基金	是 是
650 嘉实基金管理有限公司	嘉实基金证券投资基金	是 是
651 广发基金管理有限公司	广发基金混合型证券投资基金	是 是
652 华夏基金管理有限公司	华夏基金债券型证券投资基金	是 是
653 南方基金管理有限公司	南方基金货币市场基金	是 是
654 易方达基金管理有限公司	易方达基指数证券投资基金	是 是
655 博时基金管理有限公司	博时基金证券投资基金	是 是
656 嘉实基金管理有限公司	嘉实基金混合型证券投资基金	是 是
657 广发基金管理有限公司	广发基金债券型证券投资基金	是 是
658 华夏基金管理有限公司	华夏基金货币市场基金	是 是
659 南方基金管理有限公司	南方基金指数证券投资基金	是 是
660 易方达基金管理有限公司	易方达基证券投资基金	是 是
661 博时基金管理有限公司	博时基金混合型证券投资基金	是 是
662 嘉实基金管理有限公司	嘉实基金债券型证券投资基金	是 是
663 广发基金管理有限公司	广发基金货币市场基金	是 是
664 华夏基金管理有限公司	华夏基金指数证券投资基金	是 是
665 南方基金管理有限公司	南方基金证券投资基金	是 是
666 易方达基金管理有限公司	易方达基混合型证券投资基金	是 是
667 博时基金管理有限公司	博时基金债券型证券投资基金	是 是
668 嘉实基金管理有限公司	嘉实基金货币市场基金	是 是
669 广发基金管理有限公司	广发基金指数证券投资基金	是 是
670 华夏基金管理有限公司	华夏基金证券投资基金	是 是
671 南方基金管理有限公司	南方基金混合型证券投资基金	是 是
672 易方达基金管理有限公司	易方达基债券型证券投资基金	是 是
673 博时基金管理有限公司	博时基金货币市场基金	是 是
674 嘉实基金管理有限公司	嘉实基金指数证券投资基金	是 是
675 广发基金管理有限公司	广发基金证券投资基金	是 是
676 华夏基金管理有限公司	华夏基金混合型证券投资基金	是 是
677 南方基金管理有限公司	南方基金债券型证券投资基金	是 是
678 易方达基金管理有限公司	易方达基货币市场基金	是 是
679 博时基金管理有限公司	博时基金指数证券投资基金	是 是
680 嘉实基金管理有限公司	嘉实基金证券投资基金	是 是
681 广发基金管理有限公司	广发基金混合型证券投资基金	是 是
682 华夏基金管理有限公司	华夏基金债券型证券投资基金	是 是
683 南方基金管理有限公司	南方基金货币市场基金	是 是
684 易方达基金管理有限公司	易方达基指数证券投资基金	是 是
685 博时基金管理有限公司	博时基金证券投资基金	是 是
686 嘉实基金管理有限公司	嘉实基金混合型证券投资基金	是 是
687 广发基金管理有限公司	广发基金债券型证券投资基金	是 是
688 华夏基金管理有限公司	华夏基金货币市场基金	是 是
689 南方基金管理有限公司	南方基金指数证券投资基金	是 是
690 易方达基金管理有限公司	易方达基证券投资基金	是 是
691 博时基金管理有限公司	博时基金混合型证券投资基金	是 是
692 嘉实基金管理有限公司	嘉实基金债券型证券投资基金	是 是
693 广发基金管理有限公司	广发基金货币市场基金	是 是
694 华夏基金管理有限公司	华夏基金指数证券投资基金	是 是
695 南方基金管理有限公司	南方基金证券投资基金	是 是
696 易方达基金管理有限公司	易方达基混合型证券投资基金	是 是
697 博时基金管理有限公司	博时基金债券型证券投资基金	是 是
698 嘉实基金管理有限公司	嘉实基金货币市场基金	是 是
699 广发基金管理有限公司	广发基金指数证券投资基金	是 是
700 华夏基金管理有限公司	华夏基金证券投资基金	是 是
701 南方基金管理有限公司	南方基金混合型证券投资基金	是 是
702 易方达基金管理有限公司	易方达基债券型证券投资基金	是 是
703 博时基金管理有限公司	博时基金货币市场基金	是 是
704 嘉实基金管理有限公司	嘉实基金指数证券投资基金	是 是
705 广发基金管理有限公司	广发基金证券投资基金	是 是
706 华夏基金管理有限公司	华夏基金混合型证券投资基金	是 是
707 南方基金管理有限公司	南方基金债券型证券投资基金	是 是
708 易方达基金管理有限公司	易方达基货币市场基金	是 是
709 博时基金管理有限公司	博时基金指数证券投资基金	是 是
710 嘉实基金管理有限公司	嘉实基金证券投资基金	是 是
711 广发基金管理有限公司	广发基金混合型证券投资基金	是 是
712 华夏基金管理有限公司	华夏基金债券型证券投资基金	是 是
713 南方基金管理有限公司	南方基金货币市场基金	是 是
714 易方达基金管理有限公司	易方达基指数证券投资基金	是 是
715 博时基金管理有限公司	博时基金证券投资基金	是 是
716 嘉实基金管理有限公司	嘉实基金混合型证券投资基金	是 是
717 广发基金管理有限公司	广发基金债券型证券投资基金	是 是
718 华夏基金管理有限公司	华夏基金货币市场基金	是 是
719 南方基金管理有限公司	南方基金指数证券投资基金	是 是
720 易方达基金管理有限公司	易方达基证券投资基金	是 是
721 博时基金管理有限公司	博时基金混合型证券投资基金	是 是
722 嘉实基金管理有限公司	嘉实基金债券型证券投资基金	是 是
723 广发基金管理有限公司	广发基金货币市场基金	是 是
724 华夏基金管理有限公司	华夏基金指数证券投资基金	是 是
725 南方基金管理有限公司	南方基金证券投资基金	是 是
726 易方达基金管理有限公司	易方达基混合型证券投资基金	是 是
727 博时基金管理有限公司	博时基金债券型证券投资基金	是 是
728 嘉实基金管理有限公司	嘉实基金货币市场基金	是 是
729 广发基金管理有限公司	广发基金指数证券投资基金	是 是
730 华夏基金管理有限公司	华夏基金证券投资基金	是 是
731 南方基金管理有限公司	南方基金混合型证券投资基金	是 是
732 易方达基金管理有限公司	易方达基债券型证券投资基金	是 是
733 博时基金管理有限公司	博时基金货币市场基金	是 是
734 嘉实基金管理有限公司	嘉实基金指数证券投资基金	是 是
735 广发基金管理有限公司	广发基金证券投资基金	是 是
736 华夏基金管理有限公司	华夏基金混合型证券投资基金	是 是
737 南方基金管理有限公司	南方基金债券型证券投资基金	是 是
738 易方达基金管理有限公司	易方达基货币市场基金	是 是
739 博时基金管理有限公司	博时基金指数证券投资基金	是 是
740 嘉实基金管理有限公司	嘉实基金证券投资基金	是 是
741 华夏基金管理有限公司	华夏基金混合型证券投资基金	是 是
742 南方基金管理有限公司	南方基金债券型证券投资基金	是 是
743 易方达基金管理有限公司	易方达基货币市场基金	是 是
744 博时基金管理有限公司	博时基金指数证券投资基金	是 是
745 嘉实基金管理有限公司	嘉实基金证券投资基金	是 是
746 广发基金管理有限公司	广发基金混合型证券投资基金	是 是
747 华夏基金管理有限公司	华夏基金债券型证券投资基金	是 是
748 南方基金管理有限公司	南方基金货币市场基金	是 是
749 易方达基金管理有限公司	易方达基指数证券投资基金	是 是
750 博时基金管理有限公司	博时基金证券投资基金	是 是
751 嘉实基金管理有限公司	嘉实基金混合型证券投资基金	是 是
752 广发基金管理有限公司	广发基金债券型证券投资基金	是 是
753 华夏基金管理有限公司	华夏基金货币市场基金	是 是
754 南方基金管理有限公司	南方基金指数证券投资基金	是 是
755 易方达基金管理有限公司	易方达基证券投资基金	是 是
756 博时基金管理有限公司	博时基金混合型证券投资基金	是 是
757 嘉实基金管理有限公司	嘉实基金债券型证券投资基金	是 是
758 广发基金管理有限公司	广发基金货币市场基金	是 是
759 华夏基金管理有限公司	华夏基金指数证券投资基金	是 是
760 南方基金管理有限公司	南方基金证券投资基金	是 是
761 易方达基金管理有限公司	易方达基混合型证券投资基金	是 是
762 博时基金管理有限公司	博时基金债券型证券投资基金	是 是
763 嘉实基金管理有限公司	嘉实基金货币市场基金	是 是
764 广发基金管理有限公司	广发基金指数证券投资基金	是 是
765 华夏基金管理有限公司	华夏基金证券投资基金	是 是
766 南方基金管理有限公司	南方基金混合型证券投资基金	是 是
767 易方达基金管理有限公司	易方达基债券型证券投资基金	是 是
768 博时基金管理有限公司	博时基金货币市场基金	是 是
769 嘉实基金管理有限公司	嘉实基金指数证券投资基金	是 是
770 广发基金管理有限公司	广发基金证券投资基金	是 是
771 华夏基金管理有限公司	华夏基金混合型证券投资基金	是 是
772 南方基金管理有限公司	南方基金债券型证券投资基金	是 是
773 易方达基金管理有限公司	易方达基货币市场基金	是 是
774 博时基金管理有限公司	博时基金指数证券投资基金	是 是
775 嘉实基金管理有限公司	嘉实基金证券投资基金	是 是
776 广发基金管理有限公司	广发基金混合型证券投资基金	是 是
777 华夏基金管理有限公司	华夏基金债券型证券投资基金	是 是
778 南方基金管理有限公司	南方基金货币市场基金	是 是
779 易方达基金管理有限公司	易方达基指数证券投资基金	是 是
780 博时基金管理有限公司	博时基金证券投资基金	是 是
781 嘉实基金管理有限公司	嘉实基金混合型证券投资基金	是 是
782 广发基金管理有限公司	广发基金债券型证券投资基金	是 是
783 华夏基金管理有限公司	华夏基金货币市场基金	是 是
784 南方基金管理有限公司	南方基金指数证券投资基金	是 是
785 易方达基金管理有限公司	易方达基证券投资基金	是 是
786 博时基金管理有限公司	博时基金混合型证券投资基金	是 是
787 嘉实基金管理有限公司	嘉实基金债券型证券投资基金	是 是
788 广发基金管理有限公司	广发基金货币市场基金	是 是
789 华夏基金管理有限公司	华夏基金指数证券投资基金	是 是
790 南方基金管理有限公司	南方基金证券投资基金	是 是
791 易方达基金管理有限公司	易方达基混合型证券投资基金	是 是
792 博时基金管理有限公司	博时基金债券型证券投资基金	是 是
793 嘉实基金管理有限公司	嘉实基金货币市场基金	是 是
794 广发基金管理有限公司	广发基金指数证券投资基金	是 是
795 华夏基金管理有限公司	华夏基金证券投资基金	是 是
796 南方基金管理有限公司	南方基金混合型证券投资基金	是 是
797 易方达基金管理有限公司	易方达基债券型证券投资基金	是 是
798 博时基金管理有限公司	博时基金货币市场基金	是 是
799 嘉实基金管理有限公司	嘉实基金指数证券投资基金	是 是
800 广发基金管理有限公司	广发基金证券投资基金	是 是
801 华夏基金管理有限公司	华夏基金混合型证券投资基金	是 是
802 南方基金管理有限公司	南方基金债券型证券投资基金	是 是
803 易方达基金管理有限公司	易方达基货币市场基金	是 是
804 博时基金管理有限公司	博时基金指数证券投资基金	是 是
805 嘉实基金管理有限公司	嘉实基金证券投资基金	是 是
806 广发基金管理有限公司	广发基金混合型证券投资基金	是 是
807 华夏基金管理有限公司	华夏基金债券型证券投资基金	是 是
808 南方基金管理有限公司	南方基金货币市场基金	是 是
809 易方达基金管理有限公司	易方达基指数证券投资基金	是 是
810 博时基金管理有限公司	博时基金证券投资基金	是 是
811 嘉实基金管理有限公司	嘉实基金混合型证券投资基金	是 是
812 广发基金管理有限公司	广发基金债券型证券投资基金	是 是
813 华夏基金管理有限公司	华夏基金货币市场基金	是 是
814 南方基金管理有限公司	南方基金指数证券投资基金	是 是
815 易方达基金管理有限公司	易方达基证券投资基金	是 是
816 博时基金管理有限公司	博时基金混合型证券投资基金	是 是
817 嘉实基金管理有限公司	嘉实基金债券型证券投资基金	是 是
818 广发基金管理有限公司	广发基金货币市场基金	是 是
819 华夏基金管理有限公司	华夏基金指数证券投资基金	是 是
820 南方基金管理有限公司	南方基金证券投资基金	是 是
821 易方达基金管理有限公司	易方达基混合型证券投资基金	是 是
822 博时基金管理有限公司	博时基金债券型证券投资基金	是 是
823 嘉实基金管理有限公司	嘉实基金货币市场基金	是 是
824 广发基金管理有限公司	广发基金指数证券投资基金	是 是
825 华夏基金管理有限公司	华夏基金证券投资基金	是 是
826 南方基金管理有限公司	南方基金混合型证券投资基金	是 是
827 易方达基金管理有限公司	易方达基债券型证券投资基金	是 是
828 博时基金管理有限公司	博时基金货币市场基金	是 是
829 嘉实基金管理有限公司	嘉实基金指数证券投资基金	是 是
830 广发基金管理有限公司	广发基金证券投资基金	是 是
831 华夏基金管理有限公司	华夏基金混合型证券投资基金	是 是
832 南方基金管理有限公司	南方基金债券型证券投资基金	是 是
833 易方达基金管理有限公司	易方达基货币市场基金	是 是
834 博时基金管理有限公司	博时基金指数证券投资基金	是 是
835 嘉实基金管理有限公司	嘉实基金证券投资基金	是 是
836 广发基金管理有限公司	广发基金混合型证券投资基金	是 是
837 华夏基金管理有限公司	华夏基金债券型证券投资基金	是 是
838 南方基金管理有限公司	南方基金货币市场基金	是 是
839 易方达基金管理有限公司	易方达基指数证券投资基金	是 是
840 博时基金管理有限公司	博时基金证券投资基金	是 是
841 嘉实基金管理有限公司	嘉实基金混合型证券投资基金	是 是
842 广发基金管理有限公司	广发基金债券型证券投资基金	是 是
843 华夏基金管理有限公司	华夏基金货币市场基金	是 是
844 南方基金管理有限公司	南方基金指数证券投资基金	是 是
845 易方达基金管理有限公司	易方达基证券投资基金	是 是
846 博时基金管理有限公司	博时基金混合型证券投资基金	是 是
847 嘉实基金管理有限公司	嘉实基金债券型证券投资基金	是 是
848 广发基金管理有限公司	广发基金货币市场基金	是 是
849 华夏基金管理有限公司	华夏基金指数证券投资基金	是 是
850 南方基金管理有限公司	南方基金证券投资基金	是 是
851 易方达基金管理有限公司	易方达基混合型证券投资基金	是 是
852 博时基金管理有限公司	博时基金债券型证券投资基金	是 是
853 嘉实基金管理有限公司	嘉实基金货币市场基金	是 是
854 广发基金管理有限公司	广发基金指数证券投资基金	是 是
855 华夏基金管理有限公司	华夏基金证券投资基金	是 是
856 南方基金管理有限公司	南方基金混合型证券投资基金	是 是
857 易方达基金管理有限公司	易方达基债券型证券投资基金	是 是
858 博时基金管理有限公司	博时基金货币市场基金	是 是
859 嘉实基金管理有限公司	嘉实基金指数证券投资基金	是 是
860 广发基金管理有限公司	广发基金证券投资基金	是 是
861 华夏基金管理有限公司	华夏基金混合型证券投资基金	是 是
862 南方基金管理有限公司	南方基金债券型证券投资基金	是 是
863 易方达基金管理有限公司	易方达基货币市场基金	是 是
864 博时基金管理有限公司	博时基金指数证券投资基金	是 是
865 嘉实基金管理有限公司	嘉实基金证券投资基金	是 是
866 广发基金管理有限公司	广发基金混合型证券投资基金	是 是
867 华夏基金管理有限公司	华夏基金债券型证券投资基金	是 是
868 南方基金管理有限公司	南方基金货币市场基金	是 是
869 易方达基金管理有限公司	易方达基指数证券投资基金	是 是
870 博时基金管理有限公司	博时基金证券投资基金	是 是
871 嘉实基金管理有限公司	嘉实基金混合型证券投资基金	是 是
872 广发基金管理有限公司	广发基金债券型证券投资基金	是 是
873 华夏基金管理有限公司	华夏基金货币市场基金	是 是
874 南方基金管理有限公司	南方基金指数证券投资基金	是 是
875 易方达基金管理有限公司	易方达基证券投资基金	是 是
876 博时基金管理有限公司	博时基金混合型证券投资基金	是 是
877 嘉实基金管理有限公司	嘉实基金债券型证券投资基金	是 是
878 广发基金管理有限公司	广发基金货币市场基金	是 是
879 华夏基金管理有限公司	华夏基金指数证券投资基金	是 是
880 南方基金管理有限公司	南方基金证券投资基金	是 是
881 易方达基金管理有限公司	易方达基混合型证券投资基金	是 是
882 博时基金管理有限公司	博时基金债券型证券投资基金	是 是
883 嘉实基金管理有限公司	嘉实基金货币市场基金	是 是
884 广发基金管理有限公司	广发基金指数证券投资基金	是 是
885 华夏基金管理有限公司	华夏基金证券投资基金	是 是
886 南方基金管理有限公司	南方基金混合型证券投资基金	是 是
887 易方达基金管理有限公司	易方达基债券型证券投资基金	是 是
888 博时基金管理有限公司	博时基金货币市场基金	是 是
